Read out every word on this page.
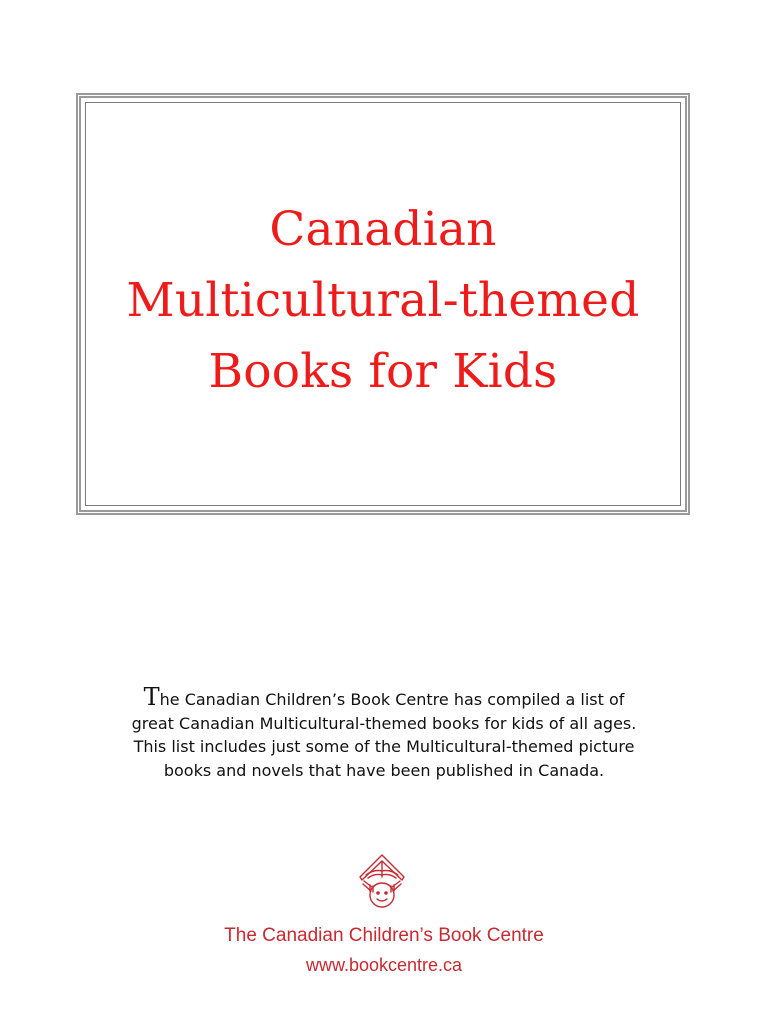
Canadian
Multicultural-themed
Books for Kids
The Canadian Children’s Book Centre has compiled a list of
great Canadian Multicultural-themed books for kids of all ages.
This list includes just some of the Multicultural-themed picture
books and novels that have been published in Canada.
The Canadian Children’s Book Centre
www.bookcentre.ca
